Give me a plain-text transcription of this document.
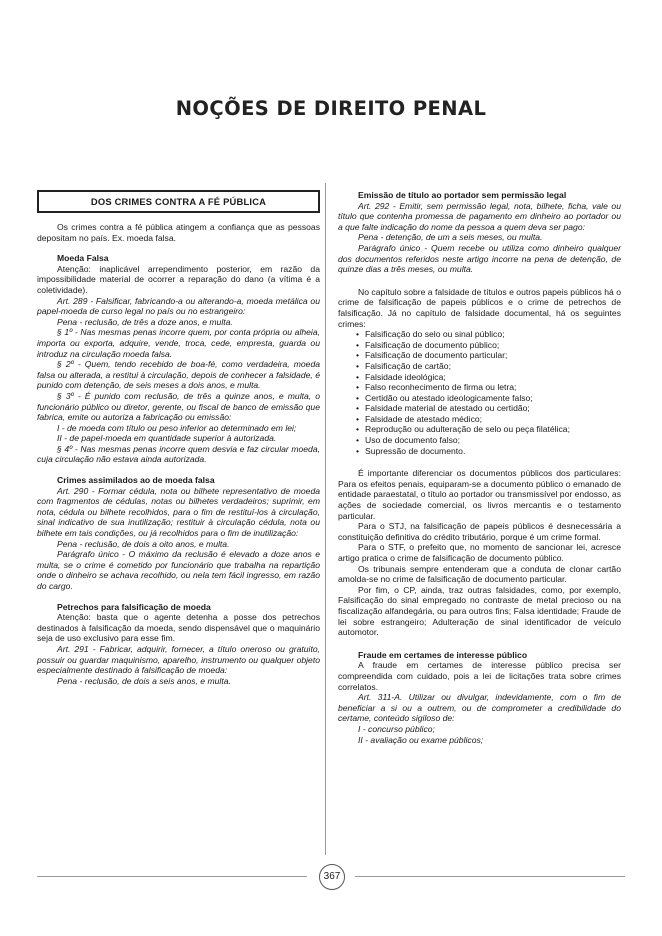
NOÇÕES DE DIREITO PENAL
DOS CRIMES CONTRA A FÉ PÚBLICA

Os crimes contra a fé pública atingem a confiança que as pessoas depositam no país. Ex. moeda falsa.

Moeda Falsa

Atenção: inaplicável arrependimento posterior, em razão da impossibilidade material de ocorrer a reparação do dano (a vítima é a coletividade).

Art. 289 - Falsificar, fabricando-a ou alterando-a, moeda metálica ou papel-moeda de curso legal no país ou no estrangeiro:

Pena - reclusão, de três a doze anos, e multa.

§ 1º - Nas mesmas penas incorre quem, por conta própria ou alheia, importa ou exporta, adquire, vende, troca, cede, empresta, guarda ou introduz na circulação moeda falsa.

§ 2º - Quem, tendo recebido de boa-fé, como verdadeira, moeda falsa ou alterada, a restitui à circulação, depois de conhecer a falsidade, é punido com detenção, de seis meses a dois anos, e multa.

§ 3º - É punido com reclusão, de três a quinze anos, e multa, o funcionário público ou diretor, gerente, ou fiscal de banco de emissão que fabrica, emite ou autoriza a fabricação ou emissão:

I - de moeda com título ou peso inferior ao determinado em lei;

II - de papel-moeda em quantidade superior à autorizada.

§ 4º - Nas mesmas penas incorre quem desvia e faz circular moeda, cuja circulação não estava ainda autorizada.

Crimes assimilados ao de moeda falsa

Art. 290 - Formar cédula, nota ou bilhete representativo de moeda com fragmentos de cédulas, notas ou bilhetes verdadeiros; suprimir, em nota, cédula ou bilhete recolhidos, para o fim de restituí-los à circulação, sinal indicativo de sua inutilização; restituir à circulação cédula, nota ou bilhete em tais condições, ou já recolhidos para o fim de inutilização:

Pena - reclusão, de dois a oito anos, e multa.

Parágrafo único - O máximo da reclusão é elevado a doze anos e multa, se o crime é cometido por funcionário que trabalha na repartição onde o dinheiro se achava recolhido, ou nela tem fácil ingresso, em razão do cargo.

Petrechos para falsificação de moeda

Atenção: basta que o agente detenha a posse dos petrechos destinados à falsificação da moeda, sendo dispensável que o maquinário seja de uso exclusivo para esse fim.

Art. 291 - Fabricar, adquirir, fornecer, a título oneroso ou gratuito, possuir ou guardar maquinismo, aparelho, instrumento ou qualquer objeto especialmente destinado à falsificação de moeda:

Pena - reclusão, de dois a seis anos, e multa.

Emissão de título ao portador sem permissão legal

Art. 292 - Emitir, sem permissão legal, nota, bilhete, ficha, vale ou título que contenha promessa de pagamento em dinheiro ao portador ou a que falte indicação do nome da pessoa a quem deva ser pago:

Pena - detenção, de um a seis meses, ou multa.

Parágrafo único - Quem recebe ou utiliza como dinheiro qualquer dos documentos referidos neste artigo incorre na pena de detenção, de quinze dias a três meses, ou multa.

No capítulo sobre a falsidade de títulos e outros papeis públicos há o crime de falsificação de papeis públicos e o crime de petrechos de falsificação. Já no capítulo de falsidade documental, há os seguintes crimes:

• Falsificação do selo ou sinal público;
• Falsificação de documento público;
• Falsificação de documento particular;
• Falsificação de cartão;
• Falsidade ideológica;
• Falso reconhecimento de firma ou letra;
• Certidão ou atestado ideologicamente falso;
• Falsidade material de atestado ou certidão;
• Falsidade de atestado médico;
• Reprodução ou adulteração de selo ou peça filatélica;
• Uso de documento falso;
• Supressão de documento.

É importante diferenciar os documentos públicos dos particulares: Para os efeitos penais, equiparam-se a documento público o emanado de entidade paraestatal, o título ao portador ou transmissível por endosso, as ações de sociedade comercial, os livros mercantis e o testamento particular.

Para o STJ, na falsificação de papeis públicos é desnecessária a constituição definitiva do crédito tributário, porque é um crime formal.

Para o STF, o prefeito que, no momento de sancionar lei, acresce artigo pratica o crime de falsificação de documento público.

Os tribunais sempre entenderam que a conduta de clonar cartão amolda-se no crime de falsificação de documento particular.

Por fim, o CP, ainda, traz outras falsidades, como, por exemplo, Falsificação do sinal empregado no contraste de metal precioso ou na fiscalização alfandegária, ou para outros fins; Falsa identidade; Fraude de lei sobre estrangeiro; Adulteração de sinal identificador de veículo automotor.

Fraude em certames de interesse público

A fraude em certames de interesse público precisa ser compreendida com cuidado, pois a lei de licitações trata sobre crimes correlatos.

Art. 311-A. Utilizar ou divulgar, indevidamente, com o fim de beneficiar a si ou a outrem, ou de comprometer a credibilidade do certame, conteúdo sigiloso de:

I - concurso público;

II - avaliação ou exame públicos;

367
